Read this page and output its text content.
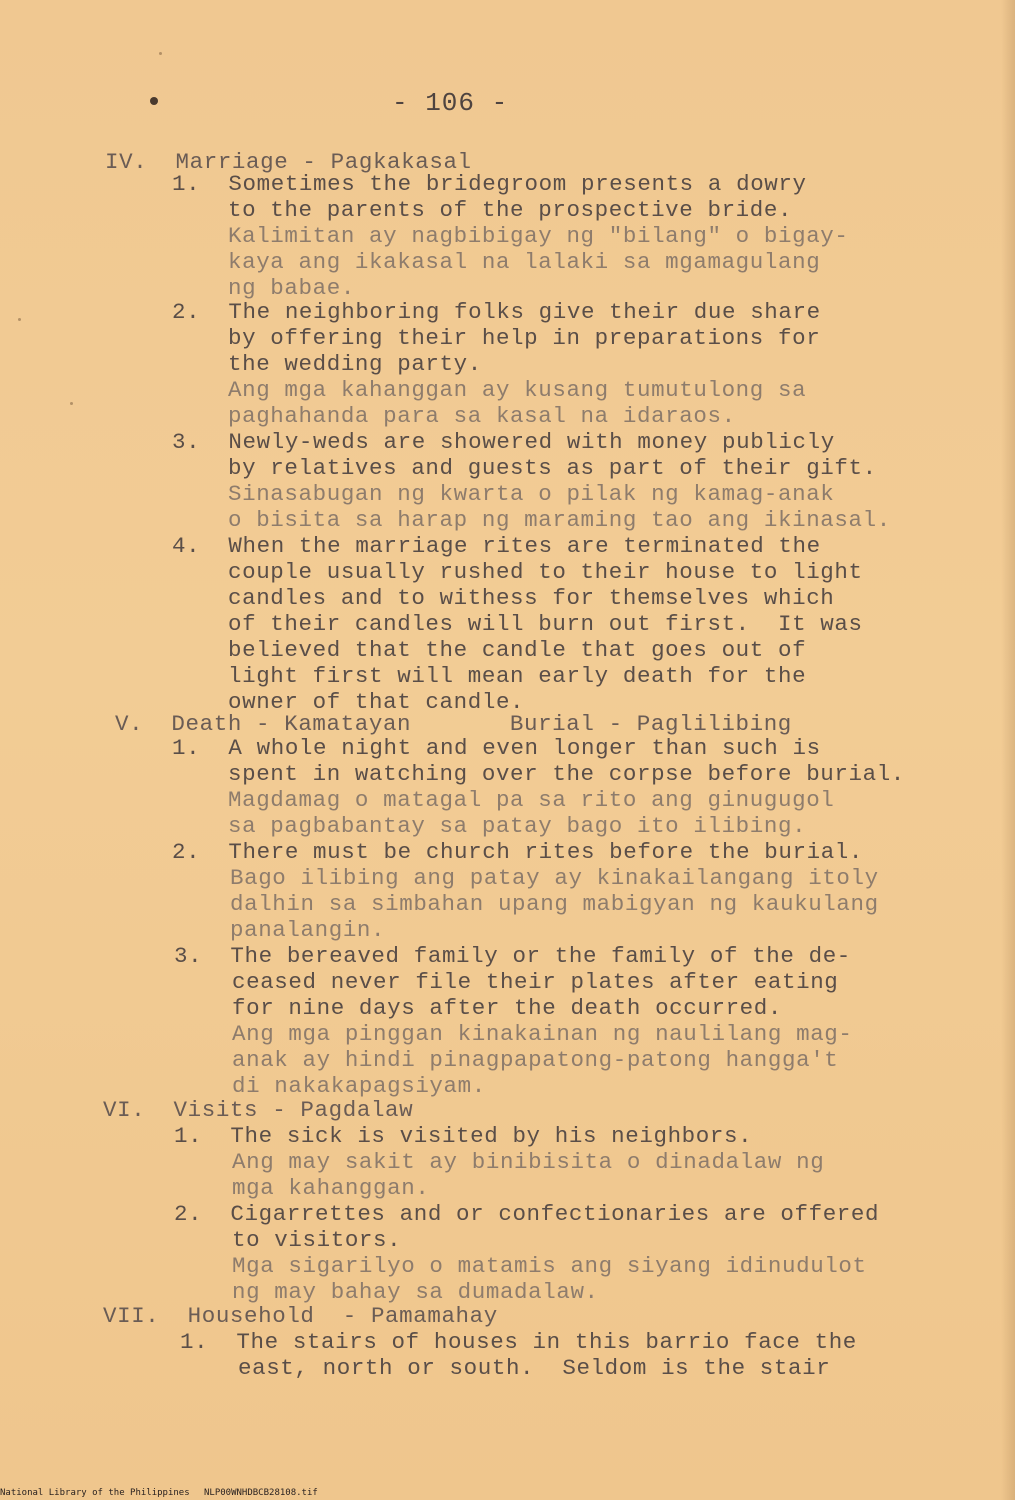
- 106 -
IV.  Marriage - Pagkakasal
1.  Sometimes the bridegroom presents a dowry
to the parents of the prospective bride.
Kalimitan ay nagbibigay ng "bilang" o bigay-
kaya ang ikakasal na lalaki sa mgamagulang
ng babae.
2.  The neighboring folks give their due share
by offering their help in preparations for
the wedding party.
Ang mga kahanggan ay kusang tumutulong sa
paghahanda para sa kasal na idaraos.
3.  Newly-weds are showered with money publicly
by relatives and guests as part of their gift.
Sinasabugan ng kwarta o pilak ng kamag-anak
o bisita sa harap ng maraming tao ang ikinasal.
4.  When the marriage rites are terminated the
couple usually rushed to their house to light
candles and to withess for themselves which
of their candles will burn out first.  It was
believed that the candle that goes out of
light first will mean early death for the
owner of that candle.
V.  Death - Kamatayan       Burial - Paglilibing
1.  A whole night and even longer than such is
spent in watching over the corpse before burial.
Magdamag o matagal pa sa rito ang ginugugol
sa pagbabantay sa patay bago ito ilibing.
2.  There must be church rites before the burial.
Bago ilibing ang patay ay kinakailangang itoly
dalhin sa simbahan upang mabigyan ng kaukulang
panalangin.
3.  The bereaved family or the family of the de-
ceased never file their plates after eating
for nine days after the death occurred.
Ang mga pinggan kinakainan ng naulilang mag-
anak ay hindi pinagpapatong-patong hangga't
di nakakapagsiyam.
VI.  Visits - Pagdalaw
1.  The sick is visited by his neighbors.
Ang may sakit ay binibisita o dinadalaw ng
mga kahanggan.
2.  Cigarrettes and or confectionaries are offered
to visitors.
Mga sigarilyo o matamis ang siyang idinudulot
ng may bahay sa dumadalaw.
VII.  Household  - Pamamahay
1.  The stairs of houses in this barrio face the
east, north or south.  Seldom is the stair
National Library of the Philippines NLP00WNHDBCB28108.tif
